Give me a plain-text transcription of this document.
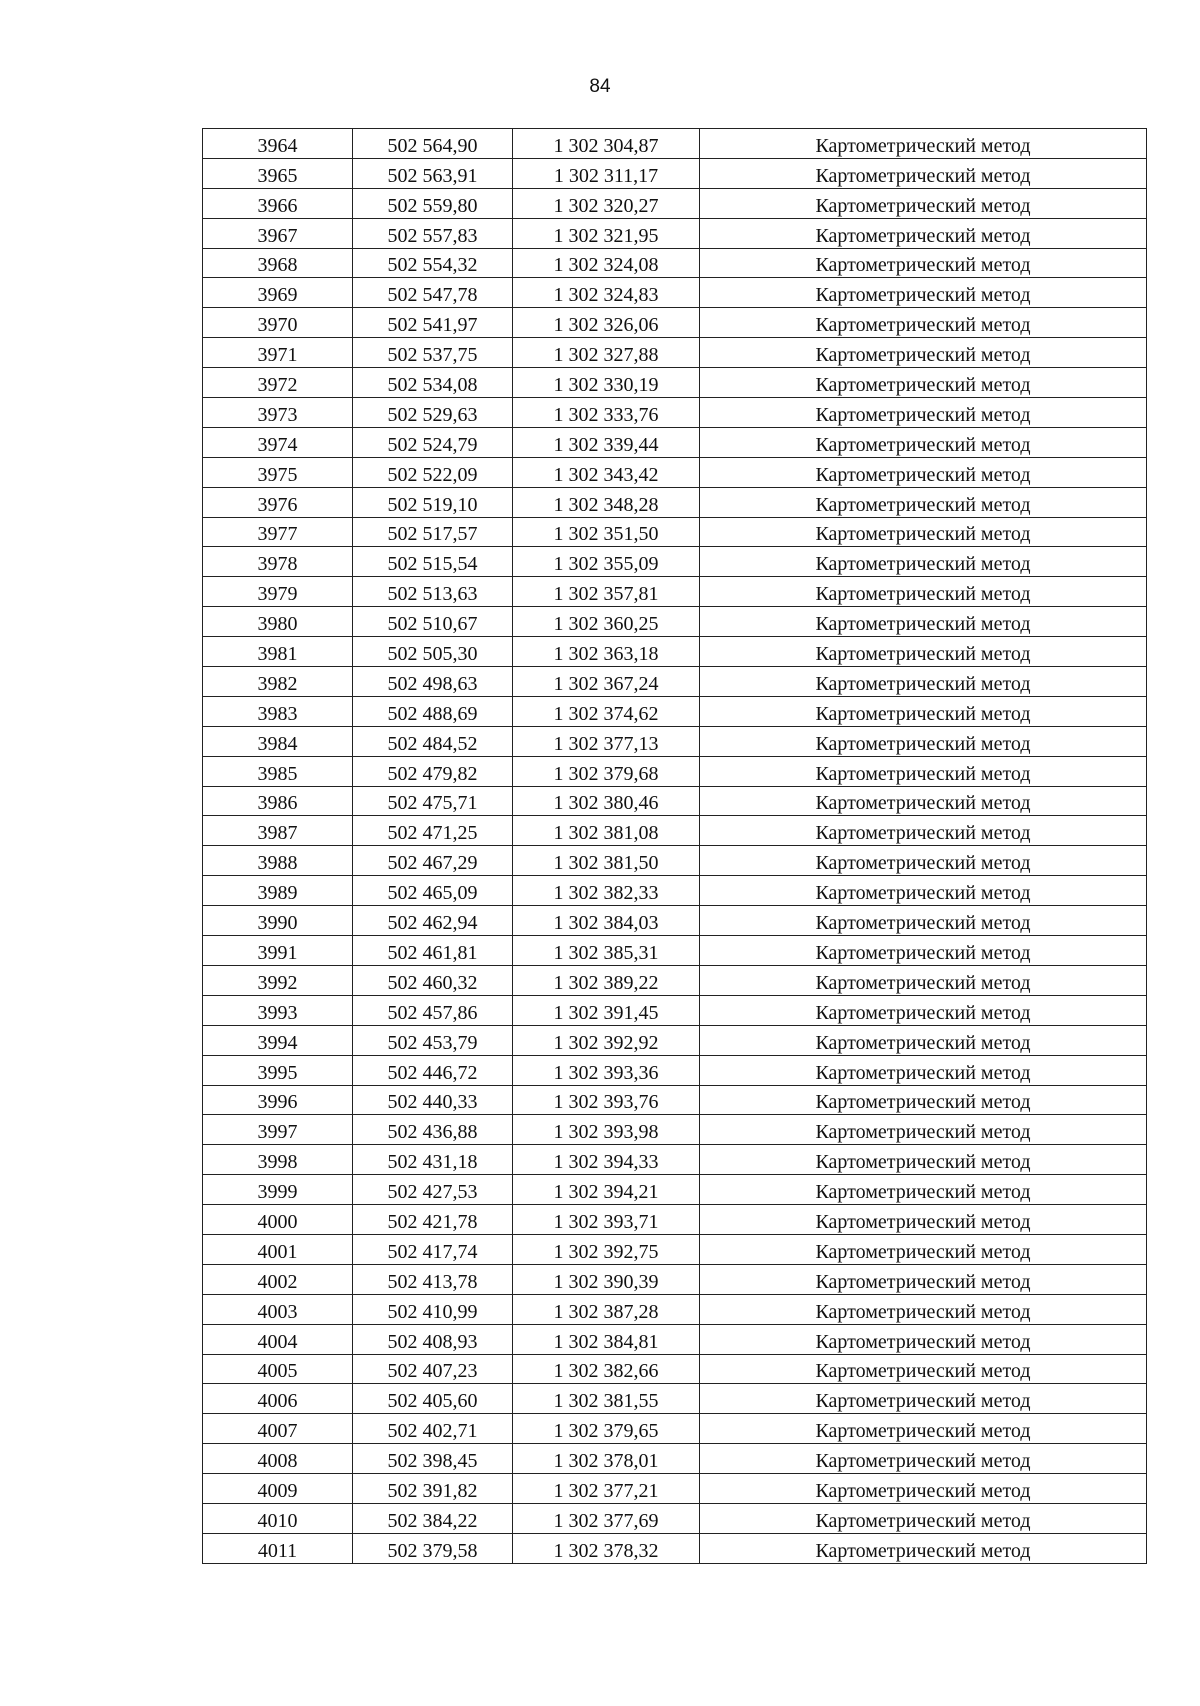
84
3964	502 564,90	1 302 304,87	Картометрический метод
3965	502 563,91	1 302 311,17	Картометрический метод
3966	502 559,80	1 302 320,27	Картометрический метод
3967	502 557,83	1 302 321,95	Картометрический метод
3968	502 554,32	1 302 324,08	Картометрический метод
3969	502 547,78	1 302 324,83	Картометрический метод
3970	502 541,97	1 302 326,06	Картометрический метод
3971	502 537,75	1 302 327,88	Картометрический метод
3972	502 534,08	1 302 330,19	Картометрический метод
3973	502 529,63	1 302 333,76	Картометрический метод
3974	502 524,79	1 302 339,44	Картометрический метод
3975	502 522,09	1 302 343,42	Картометрический метод
3976	502 519,10	1 302 348,28	Картометрический метод
3977	502 517,57	1 302 351,50	Картометрический метод
3978	502 515,54	1 302 355,09	Картометрический метод
3979	502 513,63	1 302 357,81	Картометрический метод
3980	502 510,67	1 302 360,25	Картометрический метод
3981	502 505,30	1 302 363,18	Картометрический метод
3982	502 498,63	1 302 367,24	Картометрический метод
3983	502 488,69	1 302 374,62	Картометрический метод
3984	502 484,52	1 302 377,13	Картометрический метод
3985	502 479,82	1 302 379,68	Картометрический метод
3986	502 475,71	1 302 380,46	Картометрический метод
3987	502 471,25	1 302 381,08	Картометрический метод
3988	502 467,29	1 302 381,50	Картометрический метод
3989	502 465,09	1 302 382,33	Картометрический метод
3990	502 462,94	1 302 384,03	Картометрический метод
3991	502 461,81	1 302 385,31	Картометрический метод
3992	502 460,32	1 302 389,22	Картометрический метод
3993	502 457,86	1 302 391,45	Картометрический метод
3994	502 453,79	1 302 392,92	Картометрический метод
3995	502 446,72	1 302 393,36	Картометрический метод
3996	502 440,33	1 302 393,76	Картометрический метод
3997	502 436,88	1 302 393,98	Картометрический метод
3998	502 431,18	1 302 394,33	Картометрический метод
3999	502 427,53	1 302 394,21	Картометрический метод
4000	502 421,78	1 302 393,71	Картометрический метод
4001	502 417,74	1 302 392,75	Картометрический метод
4002	502 413,78	1 302 390,39	Картометрический метод
4003	502 410,99	1 302 387,28	Картометрический метод
4004	502 408,93	1 302 384,81	Картометрический метод
4005	502 407,23	1 302 382,66	Картометрический метод
4006	502 405,60	1 302 381,55	Картометрический метод
4007	502 402,71	1 302 379,65	Картометрический метод
4008	502 398,45	1 302 378,01	Картометрический метод
4009	502 391,82	1 302 377,21	Картометрический метод
4010	502 384,22	1 302 377,69	Картометрический метод
4011	502 379,58	1 302 378,32	Картометрический метод
